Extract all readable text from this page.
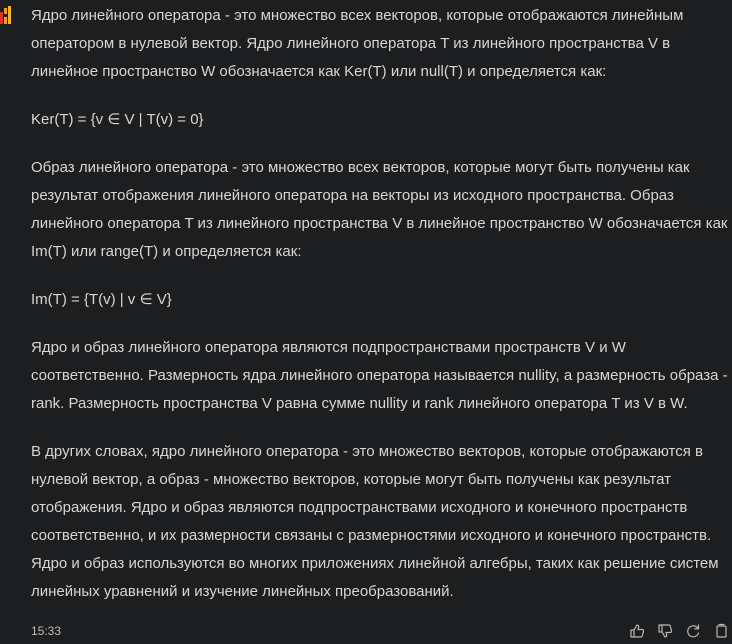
Ядро линейного оператора - это множество всех векторов, которые отображаются линейным оператором в нулевой вектор. Ядро линейного оператора T из линейного пространства V в линейное пространство W обозначается как Ker(T) или null(T) и определяется как:

Ker(T) = {v ∈ V | T(v) = 0}

Образ линейного оператора - это множество всех векторов, которые могут быть получены как результат отображения линейного оператора на векторы из исходного пространства. Образ линейного оператора T из линейного пространства V в линейное пространство W обозначается как Im(T) или range(T) и определяется как:

Im(T) = {T(v) | v ∈ V}

Ядро и образ линейного оператора являются подпространствами пространств V и W соответственно. Размерность ядра линейного оператора называется nullity, а размерность образа - rank. Размерность пространства V равна сумме nullity и rank линейного оператора T из V в W.

В других словах, ядро линейного оператора - это множество векторов, которые отображаются в нулевой вектор, а образ - множество векторов, которые могут быть получены как результат отображения. Ядро и образ являются подпространствами исходного и конечного пространств соответственно, и их размерности связаны с размерностями исходного и конечного пространств. Ядро и образ используются во многих приложениях линейной алгебры, таких как решение систем линейных уравнений и изучение линейных преобразований.

15:33
